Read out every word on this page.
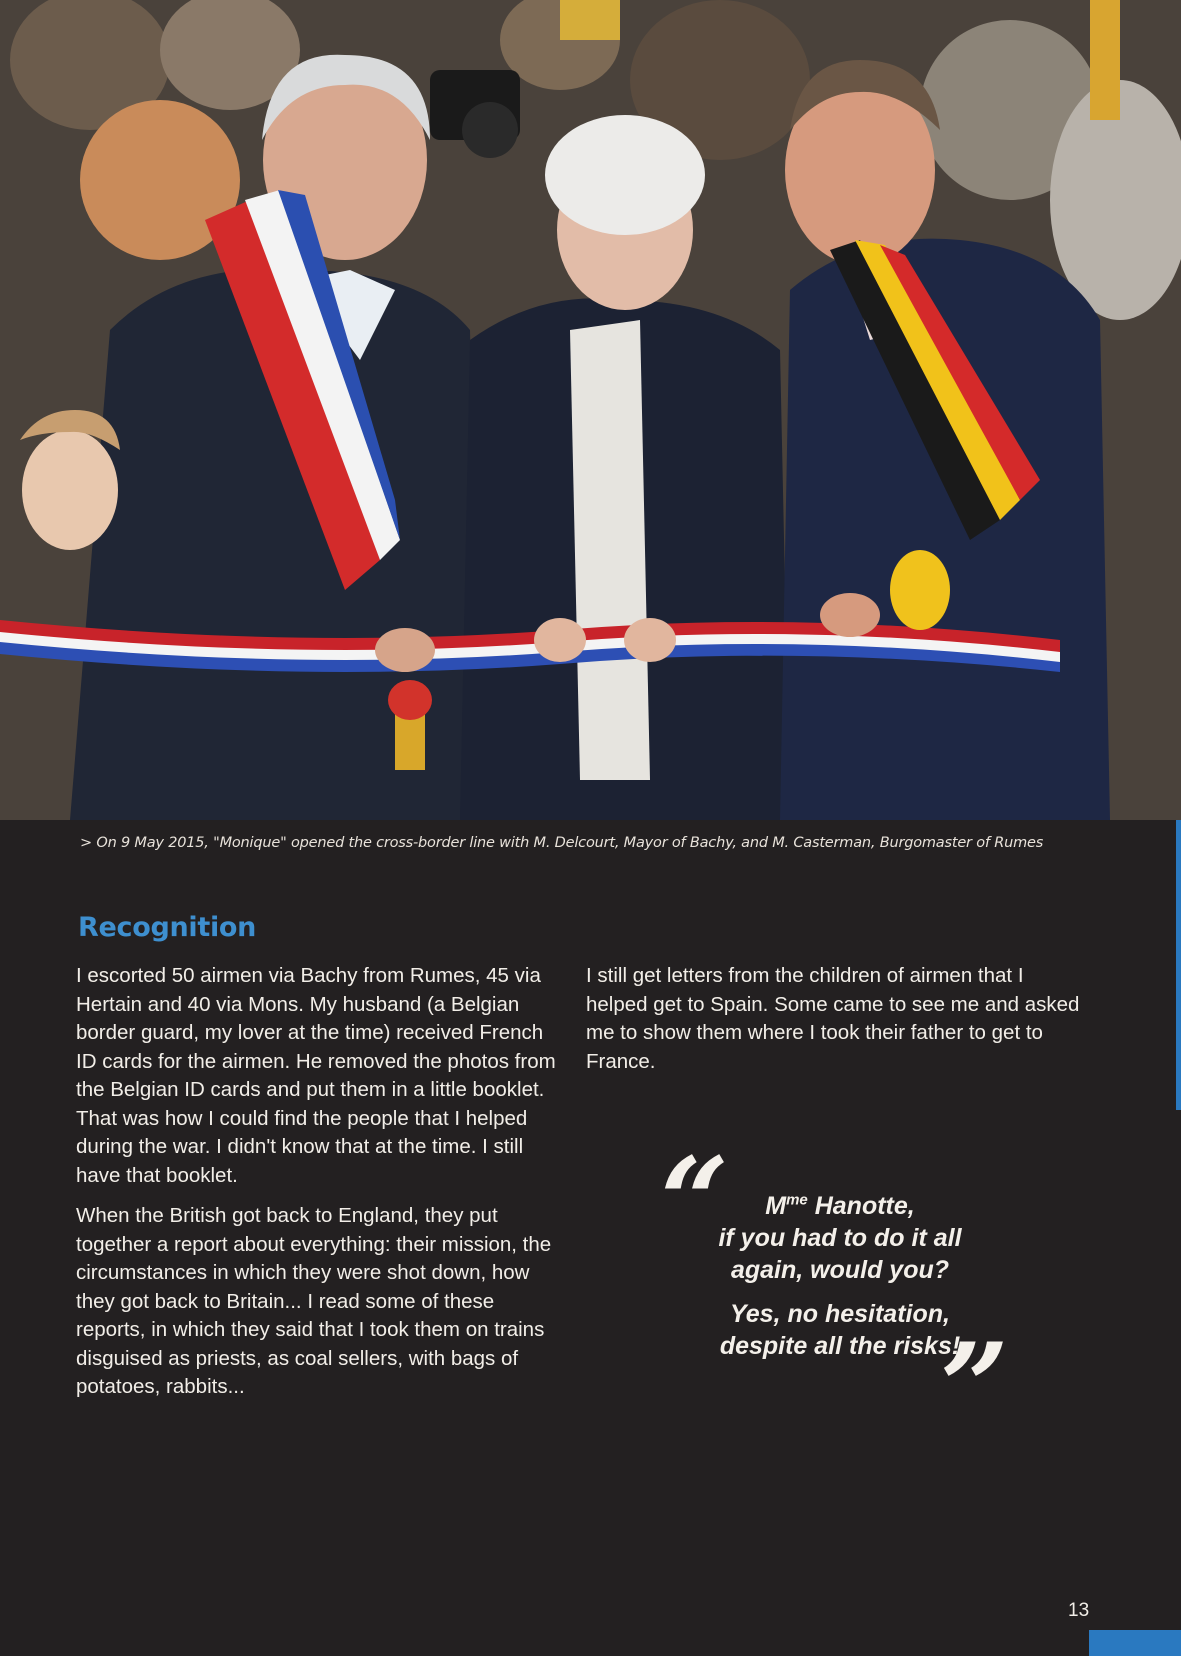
> On 9 May 2015, "Monique" opened the cross-border line with M. Delcourt, Mayor of Bachy, and M. Casterman, Burgomaster of Rumes
Recognition

I escorted 50 airmen via Bachy from Rumes, 45 via Hertain and 40 via Mons. My husband (a Belgian border guard, my lover at the time) received French ID cards for the airmen. He removed the photos from the Belgian ID cards and put them in a little booklet. That was how I could find the people that I helped during the war. I didn't know that at the time. I still have that booklet.

When the British got back to England, they put together a report about everything: their mission, the circumstances in which they were shot down, how they got back to Britain... I read some of these reports, in which they said that I took them on trains disguised as priests, as coal sellers, with bags of potatoes, rabbits...

I still get letters from the children of airmen that I helped get to Spain. Some came to see me and asked me to show them where I took their father to get to France.

“	$M^{me}$ Hanotte,
if you had to do it all
again, would you?
Yes, no hesitation,
despite all the risks!
”
13
